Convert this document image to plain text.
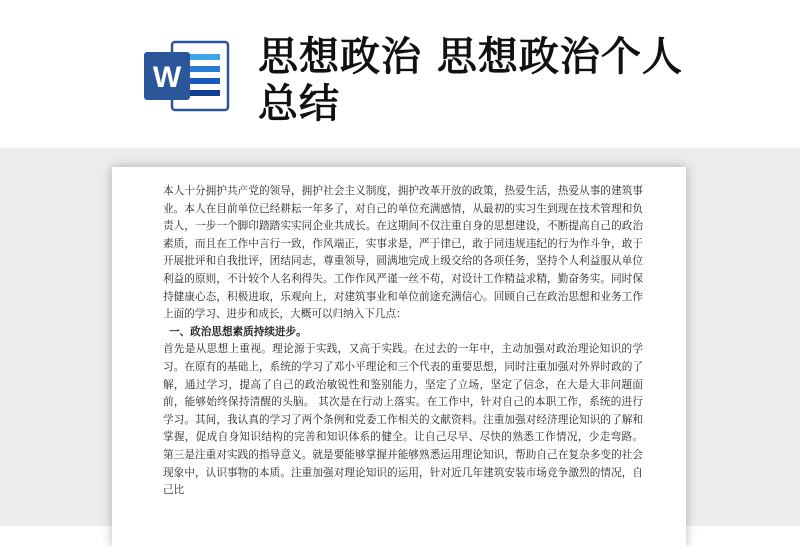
W 思想政治 思想政治个人总结

本人十分拥护共产党的领导，拥护社会主义制度，拥护改革开放的政策，热爱生活，热爱从事的建筑事业。本人在目前单位已经耕耘一年多了，对自己的单位充满感情，从最初的实习生到现在技术管理和负责人，一步一个脚印踏踏实实同企业共成长。在这期间不仅注重自身的思想建设，不断提高自己的政治素质，而且在工作中言行一致，作风端正，实事求是，严于律已，敢于同违规违纪的行为作斗争，敢于开展批评和自我批评，团结同志，尊重领导，圆满地完成上级交给的各项任务，坚持个人利益服从单位利益的原则，不计较个人名利得失。工作作风严谨一丝不苟，对设计工作精益求精，勤奋务实。同时保持健康心态，积极进取，乐观向上，对建筑事业和单位前途充满信心。回顾自己在政治思想和业务工作上面的学习、进步和成长，大概可以归纳入下几点：

一、政治思想素质持续进步。

首先是从思想上重视。理论源于实践，又高于实践。在过去的一年中，主动加强对政治理论知识的学习。在原有的基础上，系统的学习了邓小平理论和三个代表的重要思想，同时注重加强对外界时政的了解，通过学习，提高了自己的政治敏锐性和鉴别能力，坚定了立场，坚定了信念，在大是大非问题面前，能够始终保持清醒的头脑。 其次是在行动上落实。在工作中，针对自己的本职工作，系统的进行学习。其间，我认真的学习了两个条例和党委工作相关的文献资料。注重加强对经济理论知识的了解和掌握，促成自身知识结构的完善和知识体系的健全。让自己尽早、尽快的熟悉工作情况，少走弯路。 第三是注重对实践的指导意义。就是要能够掌握并能够熟悉运用理论知识，帮助自己在复杂多变的社会现象中，认识事物的本质。注重加强对理论知识的运用，针对近几年建筑安装市场竞争激烈的情况，自己比
